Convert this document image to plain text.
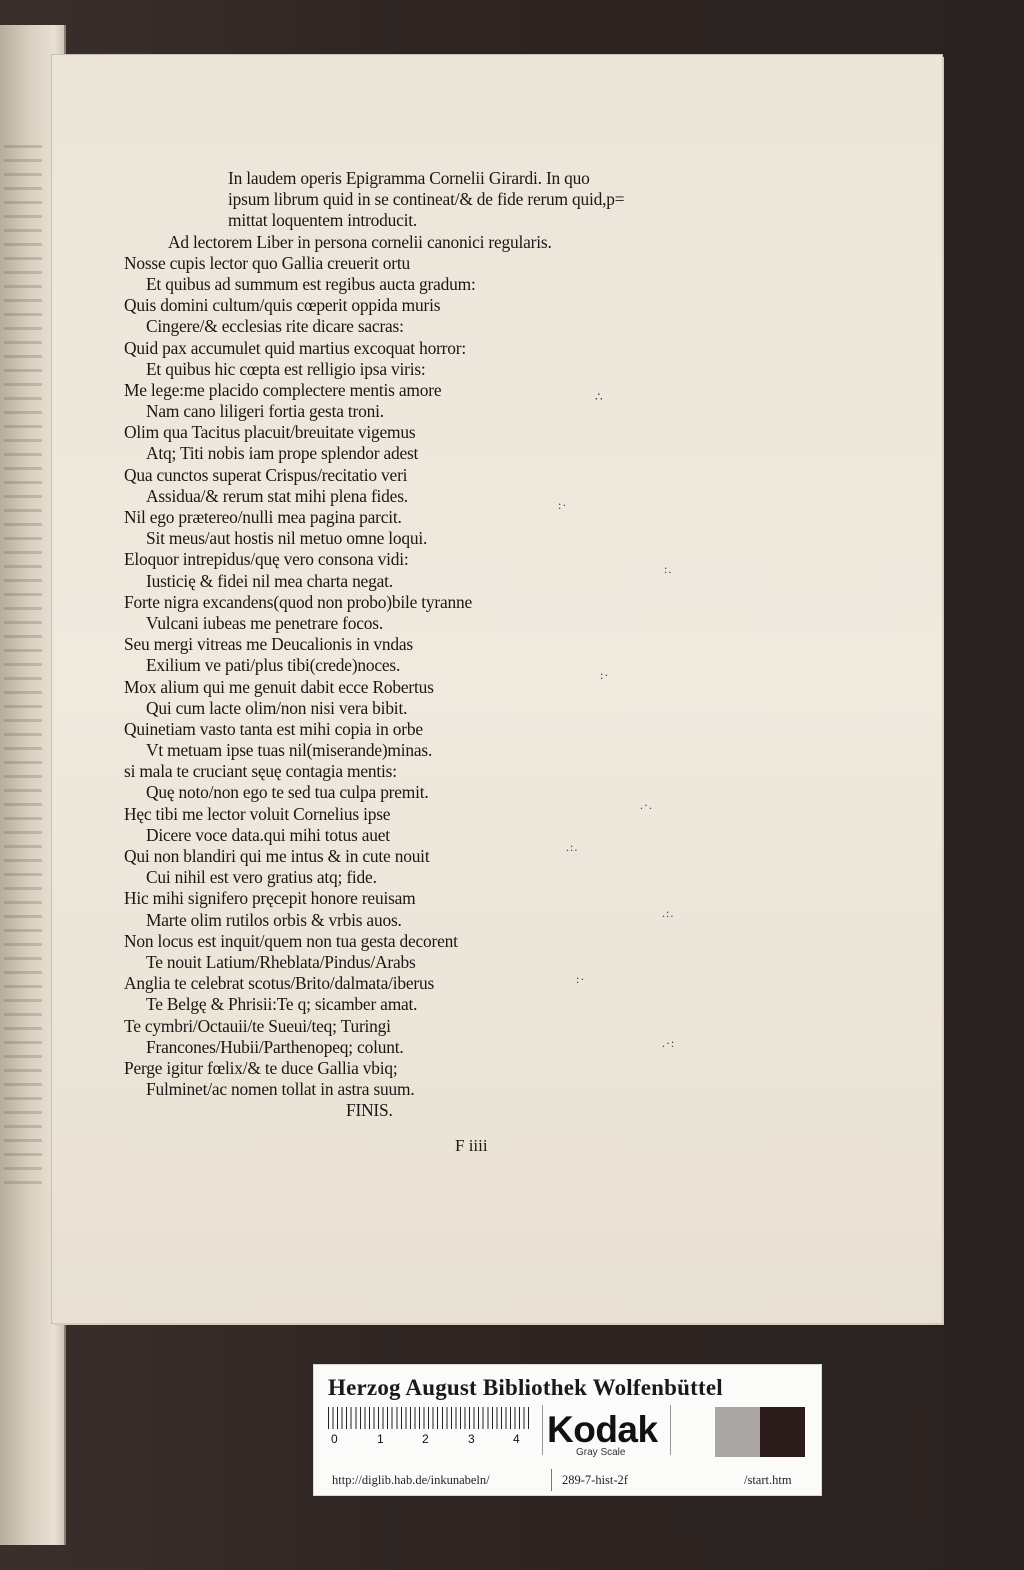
In laudem operis Epigramma Cornelii Girardi. In quo
ipsum librum quid in se contineat/& de fide rerum quid,p=
mittat loquentem introducit.
Ad lectorem Liber in persona cornelii canonici regularis.
Nosse cupis lector quo Gallia creuerit ortu
Et quibus ad summum est regibus aucta gradum:
Quis domini cultum/quis cœperit oppida muris
Cingere/& ecclesias rite dicare sacras:
Quid pax accumulet quid martius excoquat horror:
Et quibus hic cœpta est relligio ipsa viris:
Me lege:me placido complectere mentis amore
Nam cano liligeri fortia gesta troni.
Olim qua Tacitus placuit/breuitate vigemus
Atq; Titi nobis iam prope splendor adest
Qua cunctos superat Crispus/recitatio veri
Assidua/& rerum stat mihi plena fides.
Nil ego prætereo/nulli mea pagina parcit.
Sit meus/aut hostis nil metuo omne loqui.
Eloquor intrepidus/quę vero consona vidi:
Iusticię & fidei nil mea charta negat.
Forte nigra excandens(quod non probo)bile tyranne
Vulcani iubeas me penetrare focos.
Seu mergi vitreas me Deucalionis in vndas
Exilium ve pati/plus tibi(crede)noces.
Mox alium qui me genuit dabit ecce Robertus
Qui cum lacte olim/non nisi vera bibit.
Quinetiam vasto tanta est mihi copia in orbe
Vt metuam ipse tuas nil(miserande)minas.
si mala te cruciant sęuę contagia mentis:
Quę noto/non ego te sed tua culpa premit.
Hęc tibi me lector voluit Cornelius ipse
Dicere voce data.qui mihi totus auet
Qui non blandiri qui me intus & in cute nouit
Cui nihil est vero gratius atq; fide.
Hic mihi signifero pręcepit honore reuisam
Marte olim rutilos orbis & vrbis auos.
Non locus est inquit/quem non tua gesta decorent
Te nouit Latium/Rheblata/Pindus/Arabs
Anglia te celebrat scotus/Brito/dalmata/iberus
Te Belgę & Phrisii:Te q; sicamber amat.
Te cymbri/Octauii/te Sueui/teq; Turingi
Francones/Hubii/Parthenopeq; colunt.
Perge igitur fœlix/& te duce Gallia vbiq;
Fulminet/ac nomen tollat in astra suum.
FINIS.
F iiii
∴
:·
:.
:·
.·.
.:.
.:.
:·
.·:
Herzog August Bibliothek Wolfenbüttel
0	1	2	3	4 Kodak
Gray Scale
http://diglib.hab.de/inkunabeln/	289-7-hist-2f	/start.htm
